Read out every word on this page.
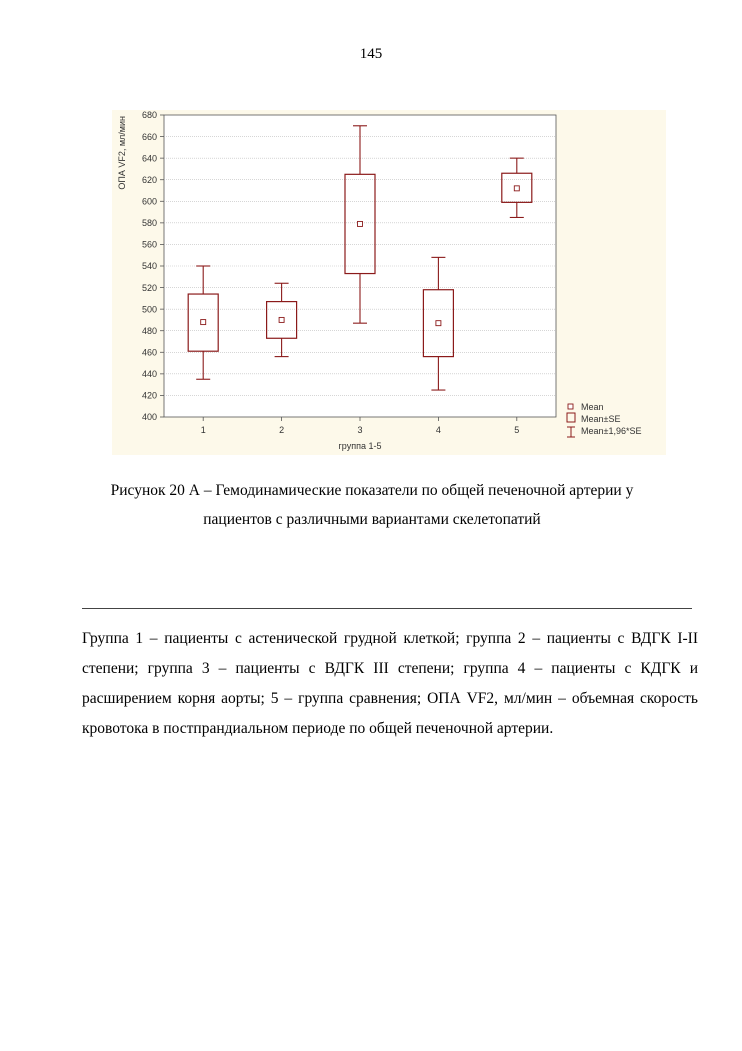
145
400
420
440
460
480
500
520
540
560
580
600
620
640
660
680
1	2	3	4	5
ОПА VF2, мл/мин
группа 1-5
Mean
Mean±SE
Mean±1,96*SE
Рисунок 20 А – Гемодинамические показатели по общей печеночной артерии у пациентов с различными вариантами скелетопатий
Группа 1 – пациенты с астенической грудной клеткой; группа 2 – пациенты с ВДГК I-II степени; группа 3 – пациенты с ВДГК III степени; группа 4 – пациенты с КДГК и расширением корня аорты; 5 – группа сравнения; ОПА VF2, мл/мин – объемная скорость кровотока в постпрандиальном периоде по общей печеночной артерии.
